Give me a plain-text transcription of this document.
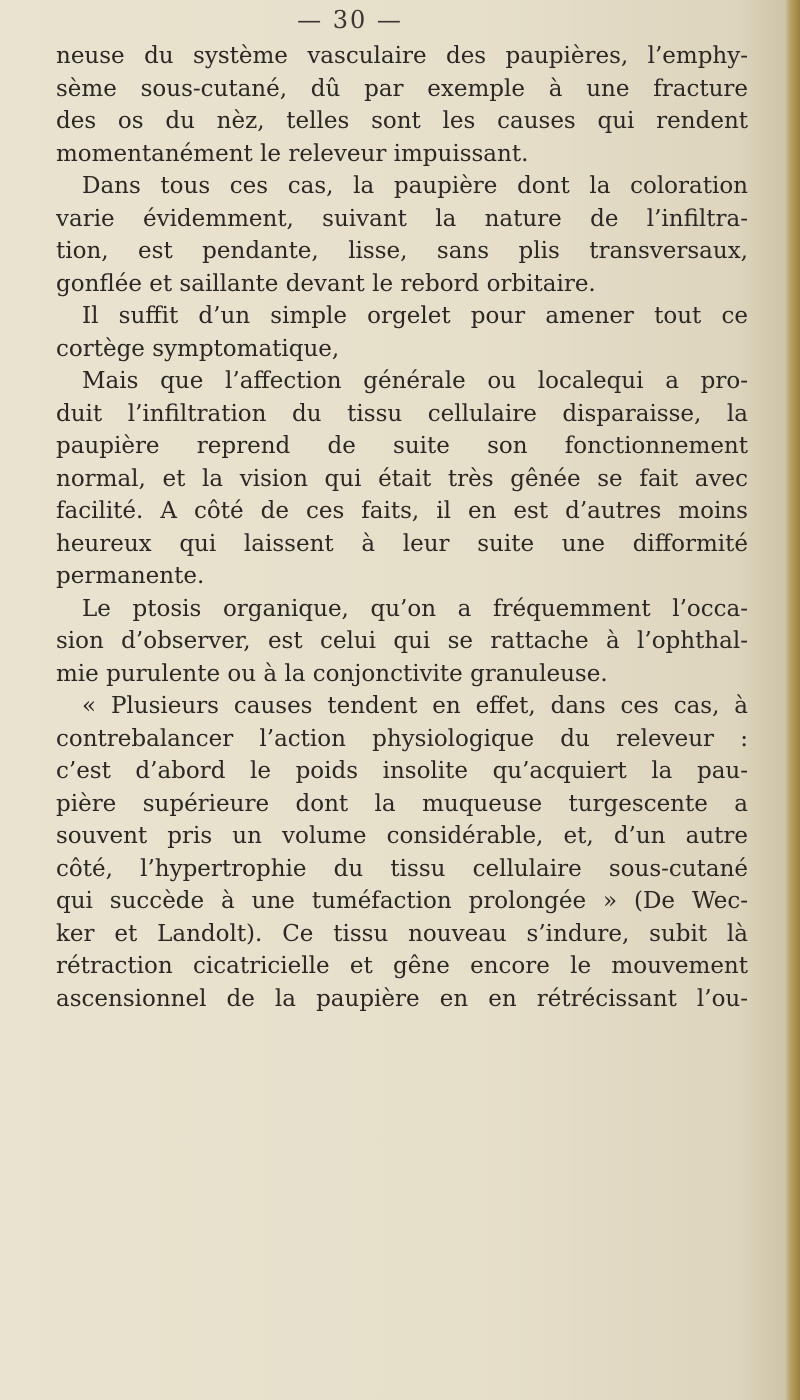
— 30 —
neuse du système vasculaire des paupières, l’emphy-
sème sous-cutané, dû par exemple à une fracture
des os du nèz, telles sont les causes qui rendent
momentanément le releveur impuissant.
Dans tous ces cas, la paupière dont la coloration
varie évidemment, suivant la nature de l’infiltra-
tion, est pendante, lisse, sans plis transversaux,
gonflée et saillante devant le rebord orbitaire.
Il suffit d’un simple orgelet pour amener tout ce
cortège symptomatique,
Mais que l’affection générale ou localequi a pro-
duit l’infiltration du tissu cellulaire disparaisse, la
paupière reprend de suite son fonctionnement
normal, et la vision qui était très gênée se fait avec
facilité. A côté de ces faits, il en est d’autres moins
heureux qui laissent à leur suite une difformité
permanente.
Le ptosis organique, qu’on a fréquemment l’occa-
sion d’observer, est celui qui se rattache à l’ophthal-
mie purulente ou à la conjonctivite granuleuse.
« Plusieurs causes tendent en effet, dans ces cas, à
contrebalancer l’action physiologique du releveur :
c’est d’abord le poids insolite qu’acquiert la pau-
pière supérieure dont la muqueuse turgescente a
souvent pris un volume considérable, et, d’un autre
côté, l’hypertrophie du tissu cellulaire sous-cutané
qui succède à une tuméfaction prolongée » (De Wec-
ker et Landolt). Ce tissu nouveau s’indure, subit là
rétraction cicatricielle et gêne encore le mouvement
ascensionnel de la paupière en en rétrécissant l’ou-
